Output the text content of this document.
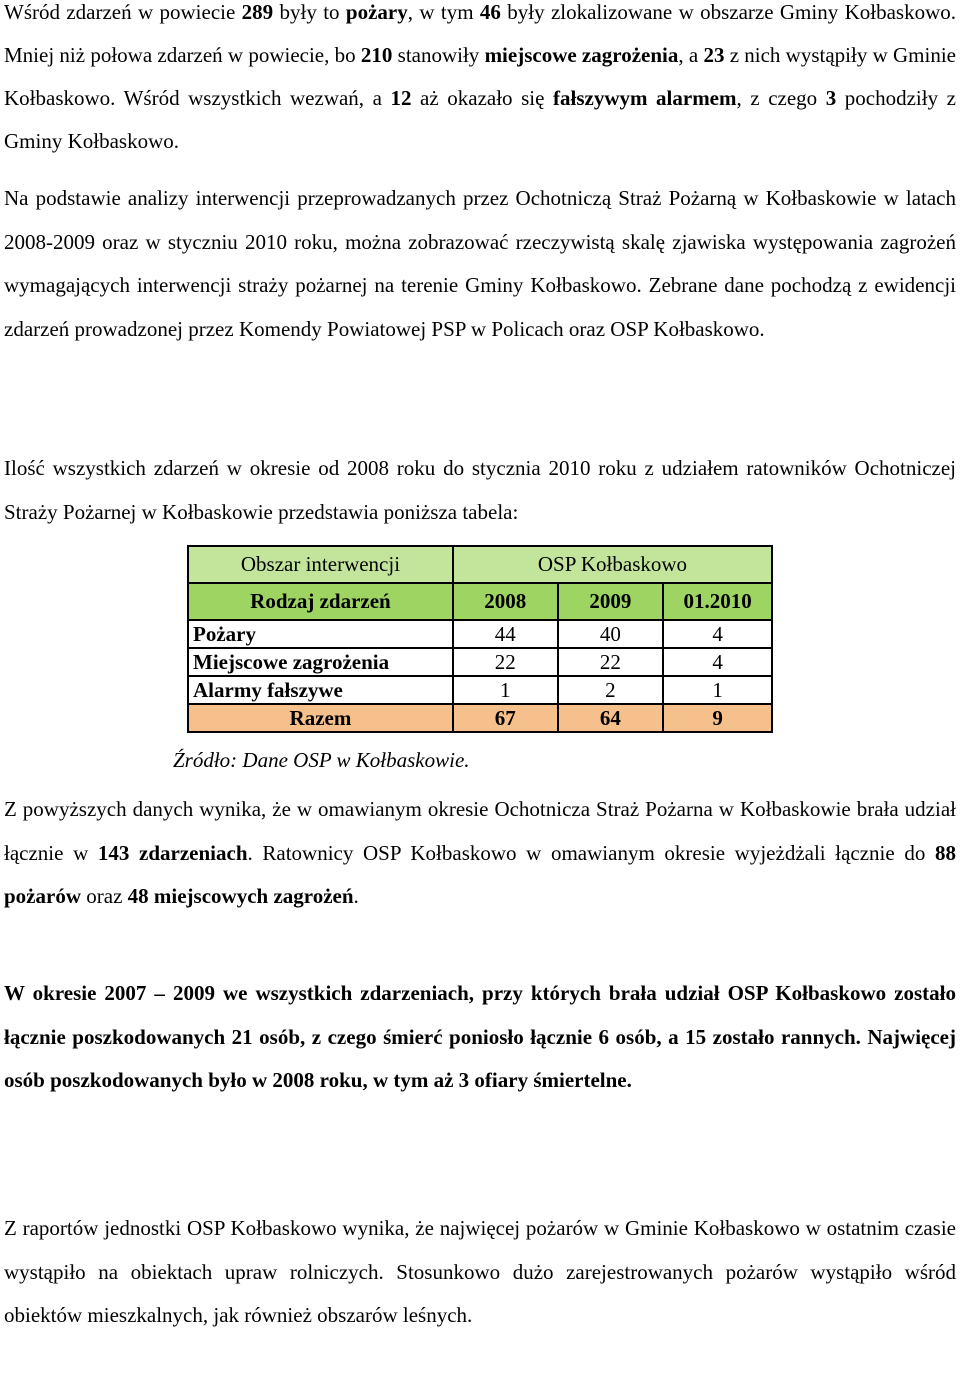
Wśród zdarzeń w powiecie 289 były to pożary, w tym 46 były zlokalizowane w obszarze Gminy Kołbaskowo. Mniej niż połowa zdarzeń w powiecie, bo 210 stanowiły miejscowe zagrożenia, a 23 z nich wystąpiły w Gminie Kołbaskowo. Wśród wszystkich wezwań, a 12 aż okazało się fałszywym alarmem, z czego 3 pochodziły z Gminy Kołbaskowo.

Na podstawie analizy interwencji przeprowadzanych przez Ochotniczą Straż Pożarną w Kołbaskowie w latach 2008-2009 oraz w styczniu 2010 roku, można zobrazować rzeczywistą skalę zjawiska występowania zagrożeń wymagających interwencji straży pożarnej na terenie Gminy Kołbaskowo. Zebrane dane pochodzą z ewidencji zdarzeń prowadzonej przez Komendy Powiatowej PSP w Policach oraz OSP Kołbaskowo.

Ilość wszystkich zdarzeń w okresie od 2008 roku do stycznia 2010 roku z udziałem ratowników Ochotniczej Straży Pożarnej w Kołbaskowie przedstawia poniższa tabela:

Obszar interwencji	OSP Kołbaskowo		
Rodzaj zdarzeń	2008	2009	01.2010
Pożary	44	40	4
Miejscowe zagrożenia	22	22	4
Alarmy fałszywe	1	2	1
Razem	67	64	9

Źródło: Dane OSP w Kołbaskowie.

Z powyższych danych wynika, że w omawianym okresie Ochotnicza Straż Pożarna w Kołbaskowie brała udział łącznie w 143 zdarzeniach. Ratownicy OSP Kołbaskowo w omawianym okresie wyjeżdżali łącznie do 88 pożarów oraz 48 miejscowych zagrożeń.

W okresie 2007 – 2009 we wszystkich zdarzeniach, przy których brała udział OSP Kołbaskowo zostało łącznie poszkodowanych 21 osób, z czego śmierć poniosło łącznie 6 osób, a 15 zostało rannych. Najwięcej osób poszkodowanych było w 2008 roku, w tym aż 3 ofiary śmiertelne.

Z raportów jednostki OSP Kołbaskowo wynika, że najwięcej pożarów w Gminie Kołbaskowo w ostatnim czasie wystąpiło na obiektach upraw rolniczych. Stosunkowo dużo zarejestrowanych pożarów wystąpiło wśród obiektów mieszkalnych, jak również obszarów leśnych.
